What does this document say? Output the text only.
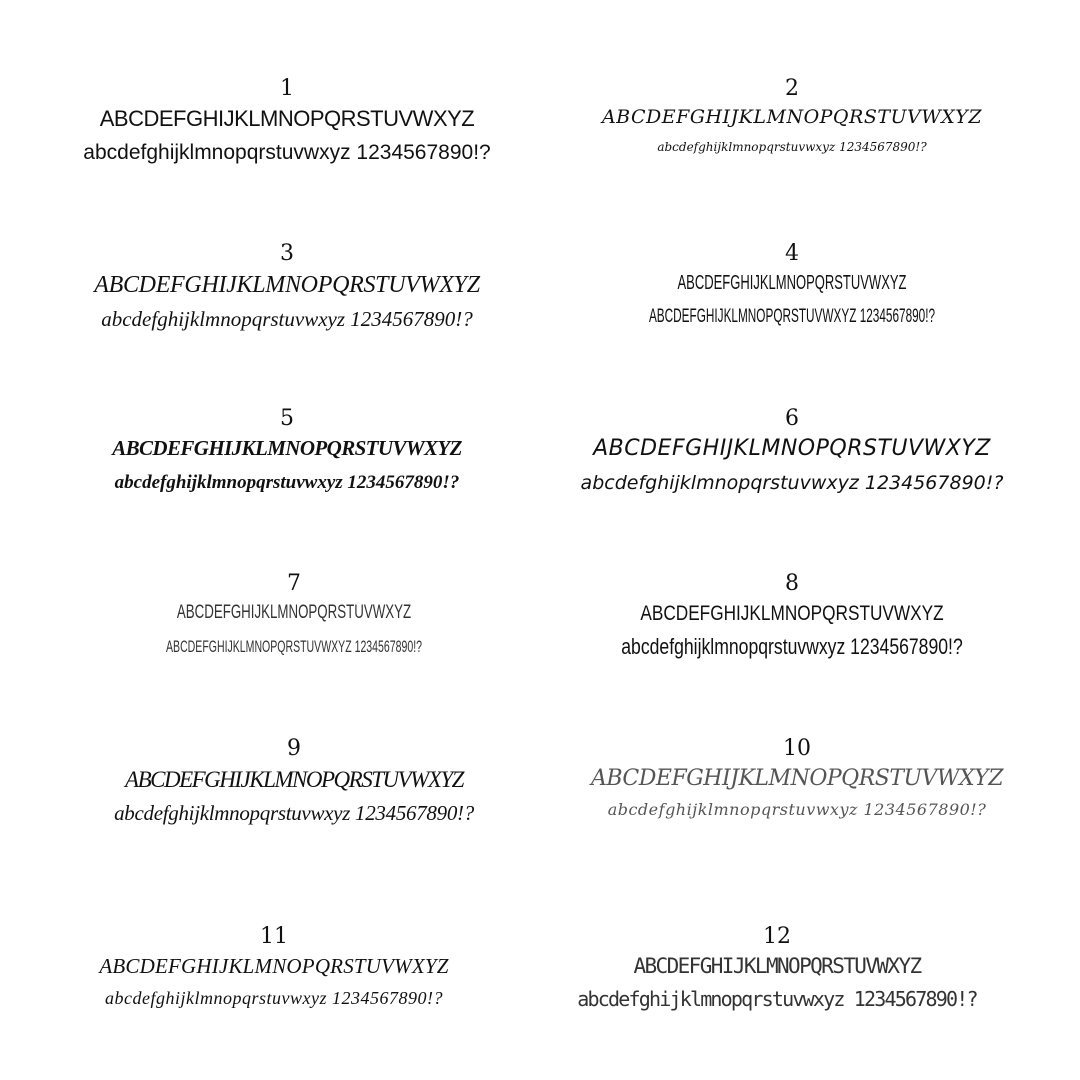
1
ABCDEFGHIJKLMNOPQRSTUVWXYZ
abcdefghijklmnopqrstuvwxyz 1234567890!?
2
ABCDEFGHIJKLMNOPQRSTUVWXYZ
abcdefghijklmnopqrstuvwxyz 1234567890!?
3
ABCDEFGHIJKLMNOPQRSTUVWXYZ
abcdefghijklmnopqrstuvwxyz 1234567890!?
4
ABCDEFGHIJKLMNOPQRSTUVWXYZ
ABCDEFGHIJKLMNOPQRSTUVWXYZ 1234567890!?
5
ABCDEFGHIJKLMNOPQRSTUVWXYZ
abcdefghijklmnopqrstuvwxyz 1234567890!?
6
ABCDEFGHIJKLMNOPQRSTUVWXYZ
abcdefghijklmnopqrstuvwxyz 1234567890!?
7
ABCDEFGHIJKLMNOPQRSTUVWXYZ
ABCDEFGHIJKLMNOPQRSTUVWXYZ 1234567890!?
8
ABCDEFGHIJKLMNOPQRSTUVWXYZ
abcdefghijklmnopqrstuvwxyz 1234567890!?
9
ABCDEFGHIJKLMNOPQRSTUVWXYZ
abcdefghijklmnopqrstuvwxyz 1234567890!?
10
ABCDEFGHIJKLMNOPQRSTUVWXYZ
abcdefghijklmnopqrstuvwxyz 1234567890!?
11
ABCDEFGHIJKLMNOPQRSTUVWXYZ
abcdefghijklmnopqrstuvwxyz 1234567890!?
12
ABCDEFGHIJKLMNOPQRSTUVWXYZ
abcdefghijklmnopqrstuvwxyz 1234567890!?
